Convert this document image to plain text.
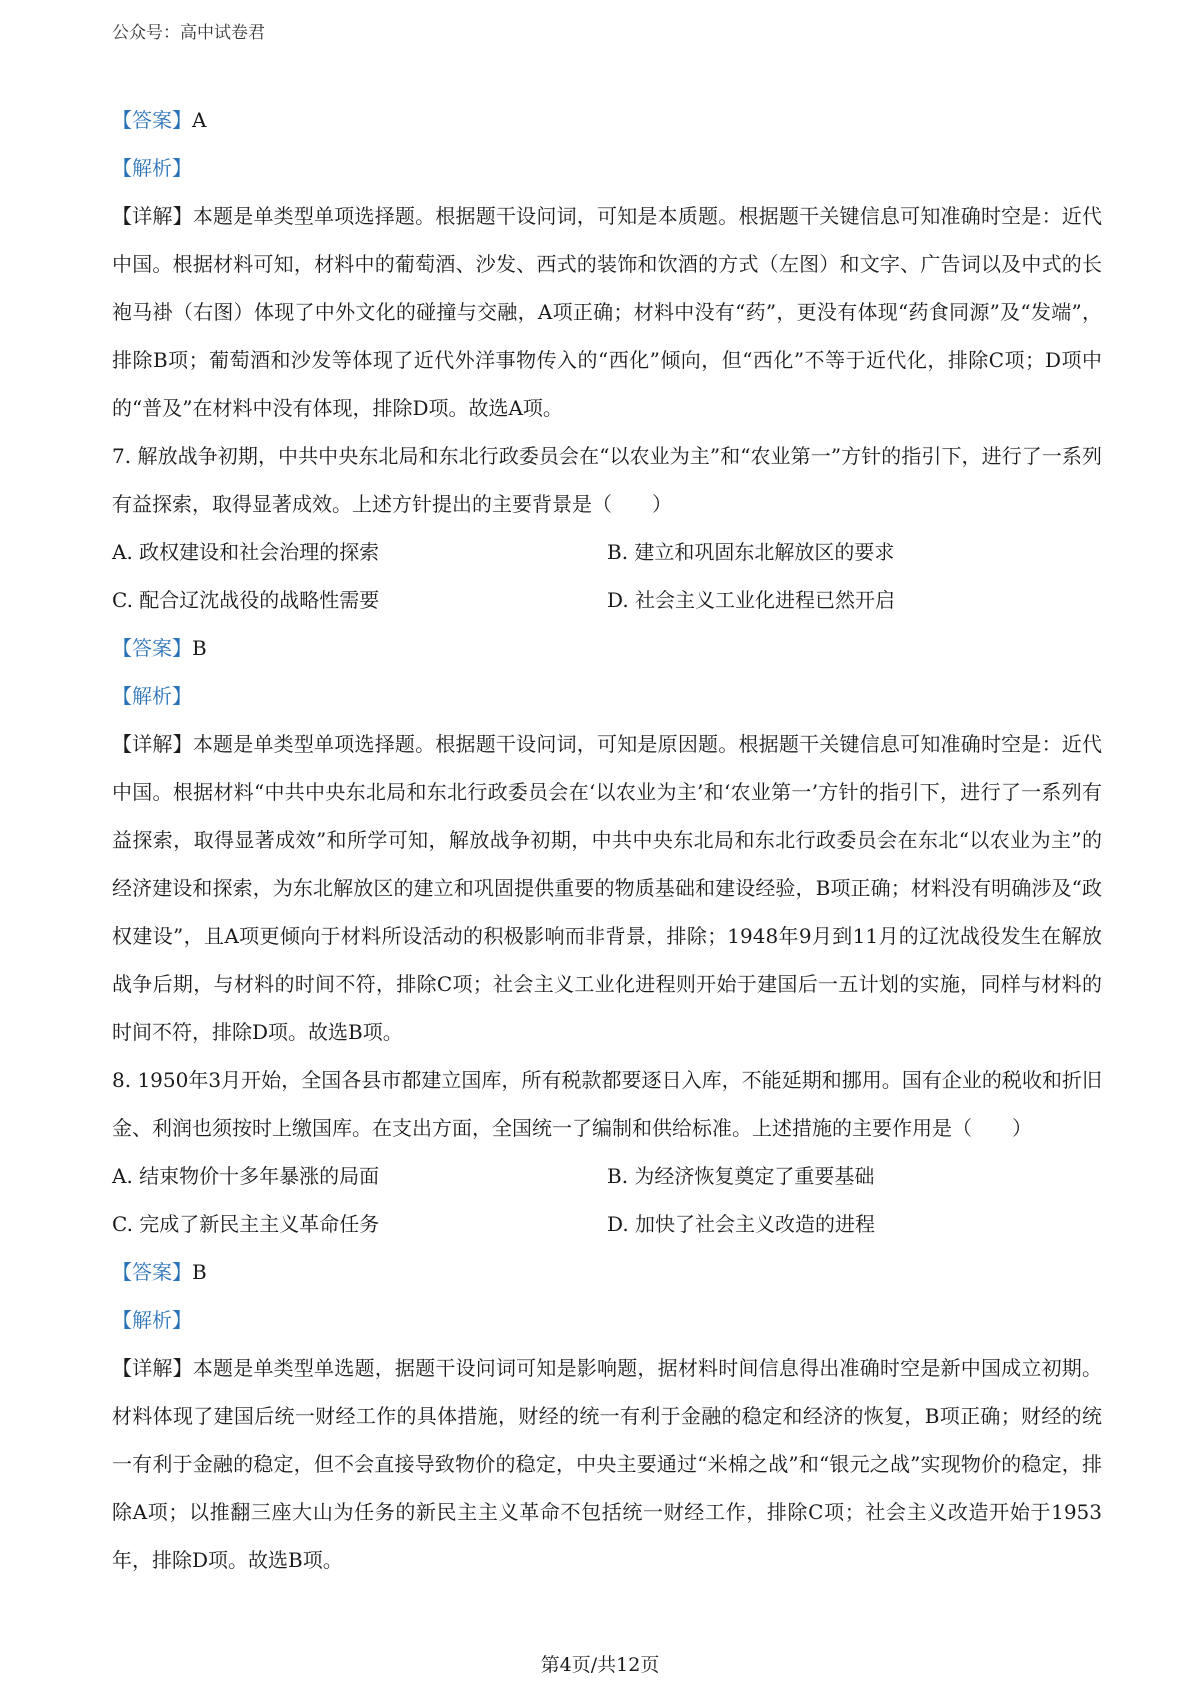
公众号：高中试卷君

【答案】A

【解析】

【详解】本题是单类型单项选择题。根据题干设问词，可知是本质题。根据题干关键信息可知准确时空是：近代中国。根据材料可知，材料中的葡萄酒、沙发、西式的装饰和饮酒的方式（左图）和文字、广告词以及中式的长袍马褂（右图）体现了中外文化的碰撞与交融，A项正确；材料中没有“药”，更没有体现“药食同源”及“发端”，排除B项；葡萄酒和沙发等体现了近代外洋事物传入的“西化”倾向，但“西化”不等于近代化，排除C项；D项中的“普及”在材料中没有体现，排除D项。故选A项。

7. 解放战争初期，中共中央东北局和东北行政委员会在“以农业为主”和“农业第一”方针的指引下，进行了一系列有益探索，取得显著成效。上述方针提出的主要背景是（　　）

A. 政权建设和社会治理的探索	B. 建立和巩固东北解放区的要求
C. 配合辽沈战役的战略性需要	D. 社会主义工业化进程已然开启

【答案】B

【解析】

【详解】本题是单类型单项选择题。根据题干设问词，可知是原因题。根据题干关键信息可知准确时空是：近代中国。根据材料“中共中央东北局和东北行政委员会在‘以农业为主’和‘农业第一’方针的指引下，进行了一系列有益探索，取得显著成效”和所学可知，解放战争初期，中共中央东北局和东北行政委员会在东北“以农业为主”的经济建设和探索，为东北解放区的建立和巩固提供重要的物质基础和建设经验，B项正确；材料没有明确涉及“政权建设”，且A项更倾向于材料所设活动的积极影响而非背景，排除；1948年9月到11月的辽沈战役发生在解放战争后期，与材料的时间不符，排除C项；社会主义工业化进程则开始于建国后一五计划的实施，同样与材料的时间不符，排除D项。故选B项。

8. 1950年3月开始，全国各县市都建立国库，所有税款都要逐日入库，不能延期和挪用。国有企业的税收和折旧金、利润也须按时上缴国库。在支出方面，全国统一了编制和供给标准。上述措施的主要作用是（　　）

A. 结束物价十多年暴涨的局面	B. 为经济恢复奠定了重要基础
C. 完成了新民主主义革命任务	D. 加快了社会主义改造的进程

【答案】B

【解析】

【详解】本题是单类型单选题，据题干设问词可知是影响题，据材料时间信息得出准确时空是新中国成立初期。材料体现了建国后统一财经工作的具体措施，财经的统一有利于金融的稳定和经济的恢复，B项正确；财经的统一有利于金融的稳定，但不会直接导致物价的稳定，中央主要通过“米棉之战”和“银元之战”实现物价的稳定，排除A项；以推翻三座大山为任务的新民主主义革命不包括统一财经工作，排除C项；社会主义改造开始于1953年，排除D项。故选B项。

第4页/共12页
